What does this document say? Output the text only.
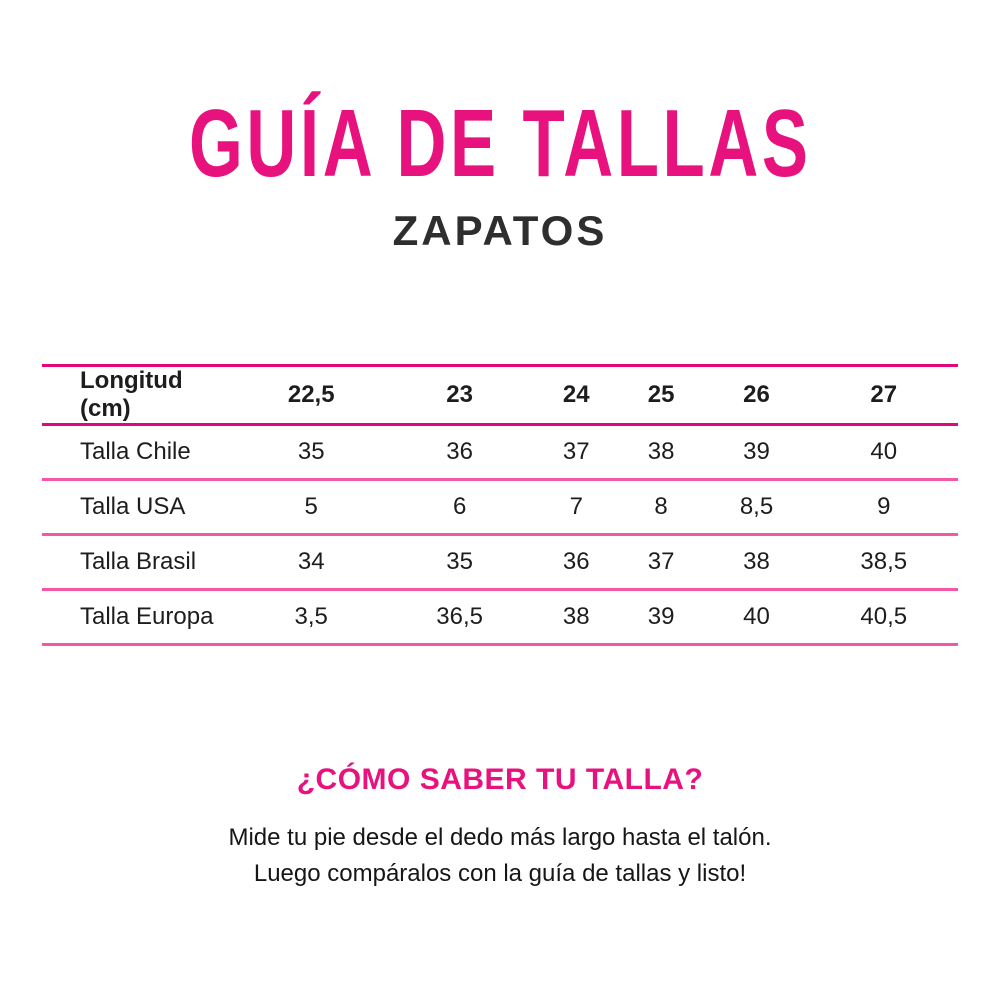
GUÍA DE TALLAS
ZAPATOS
Longitud (cm)	22,5	23	24	25	26	27
Talla Chile	35	36	37	38	39	40
Talla USA	5	6	7	8	8,5	9
Talla Brasil	34	35	36	37	38	38,5
Talla Europa	3,5	36,5	38	39	40	40,5
¿CÓMO SABER TU TALLA?
Mide tu pie desde el dedo más largo hasta el talón.
Luego compáralos con la guía de tallas y listo!
